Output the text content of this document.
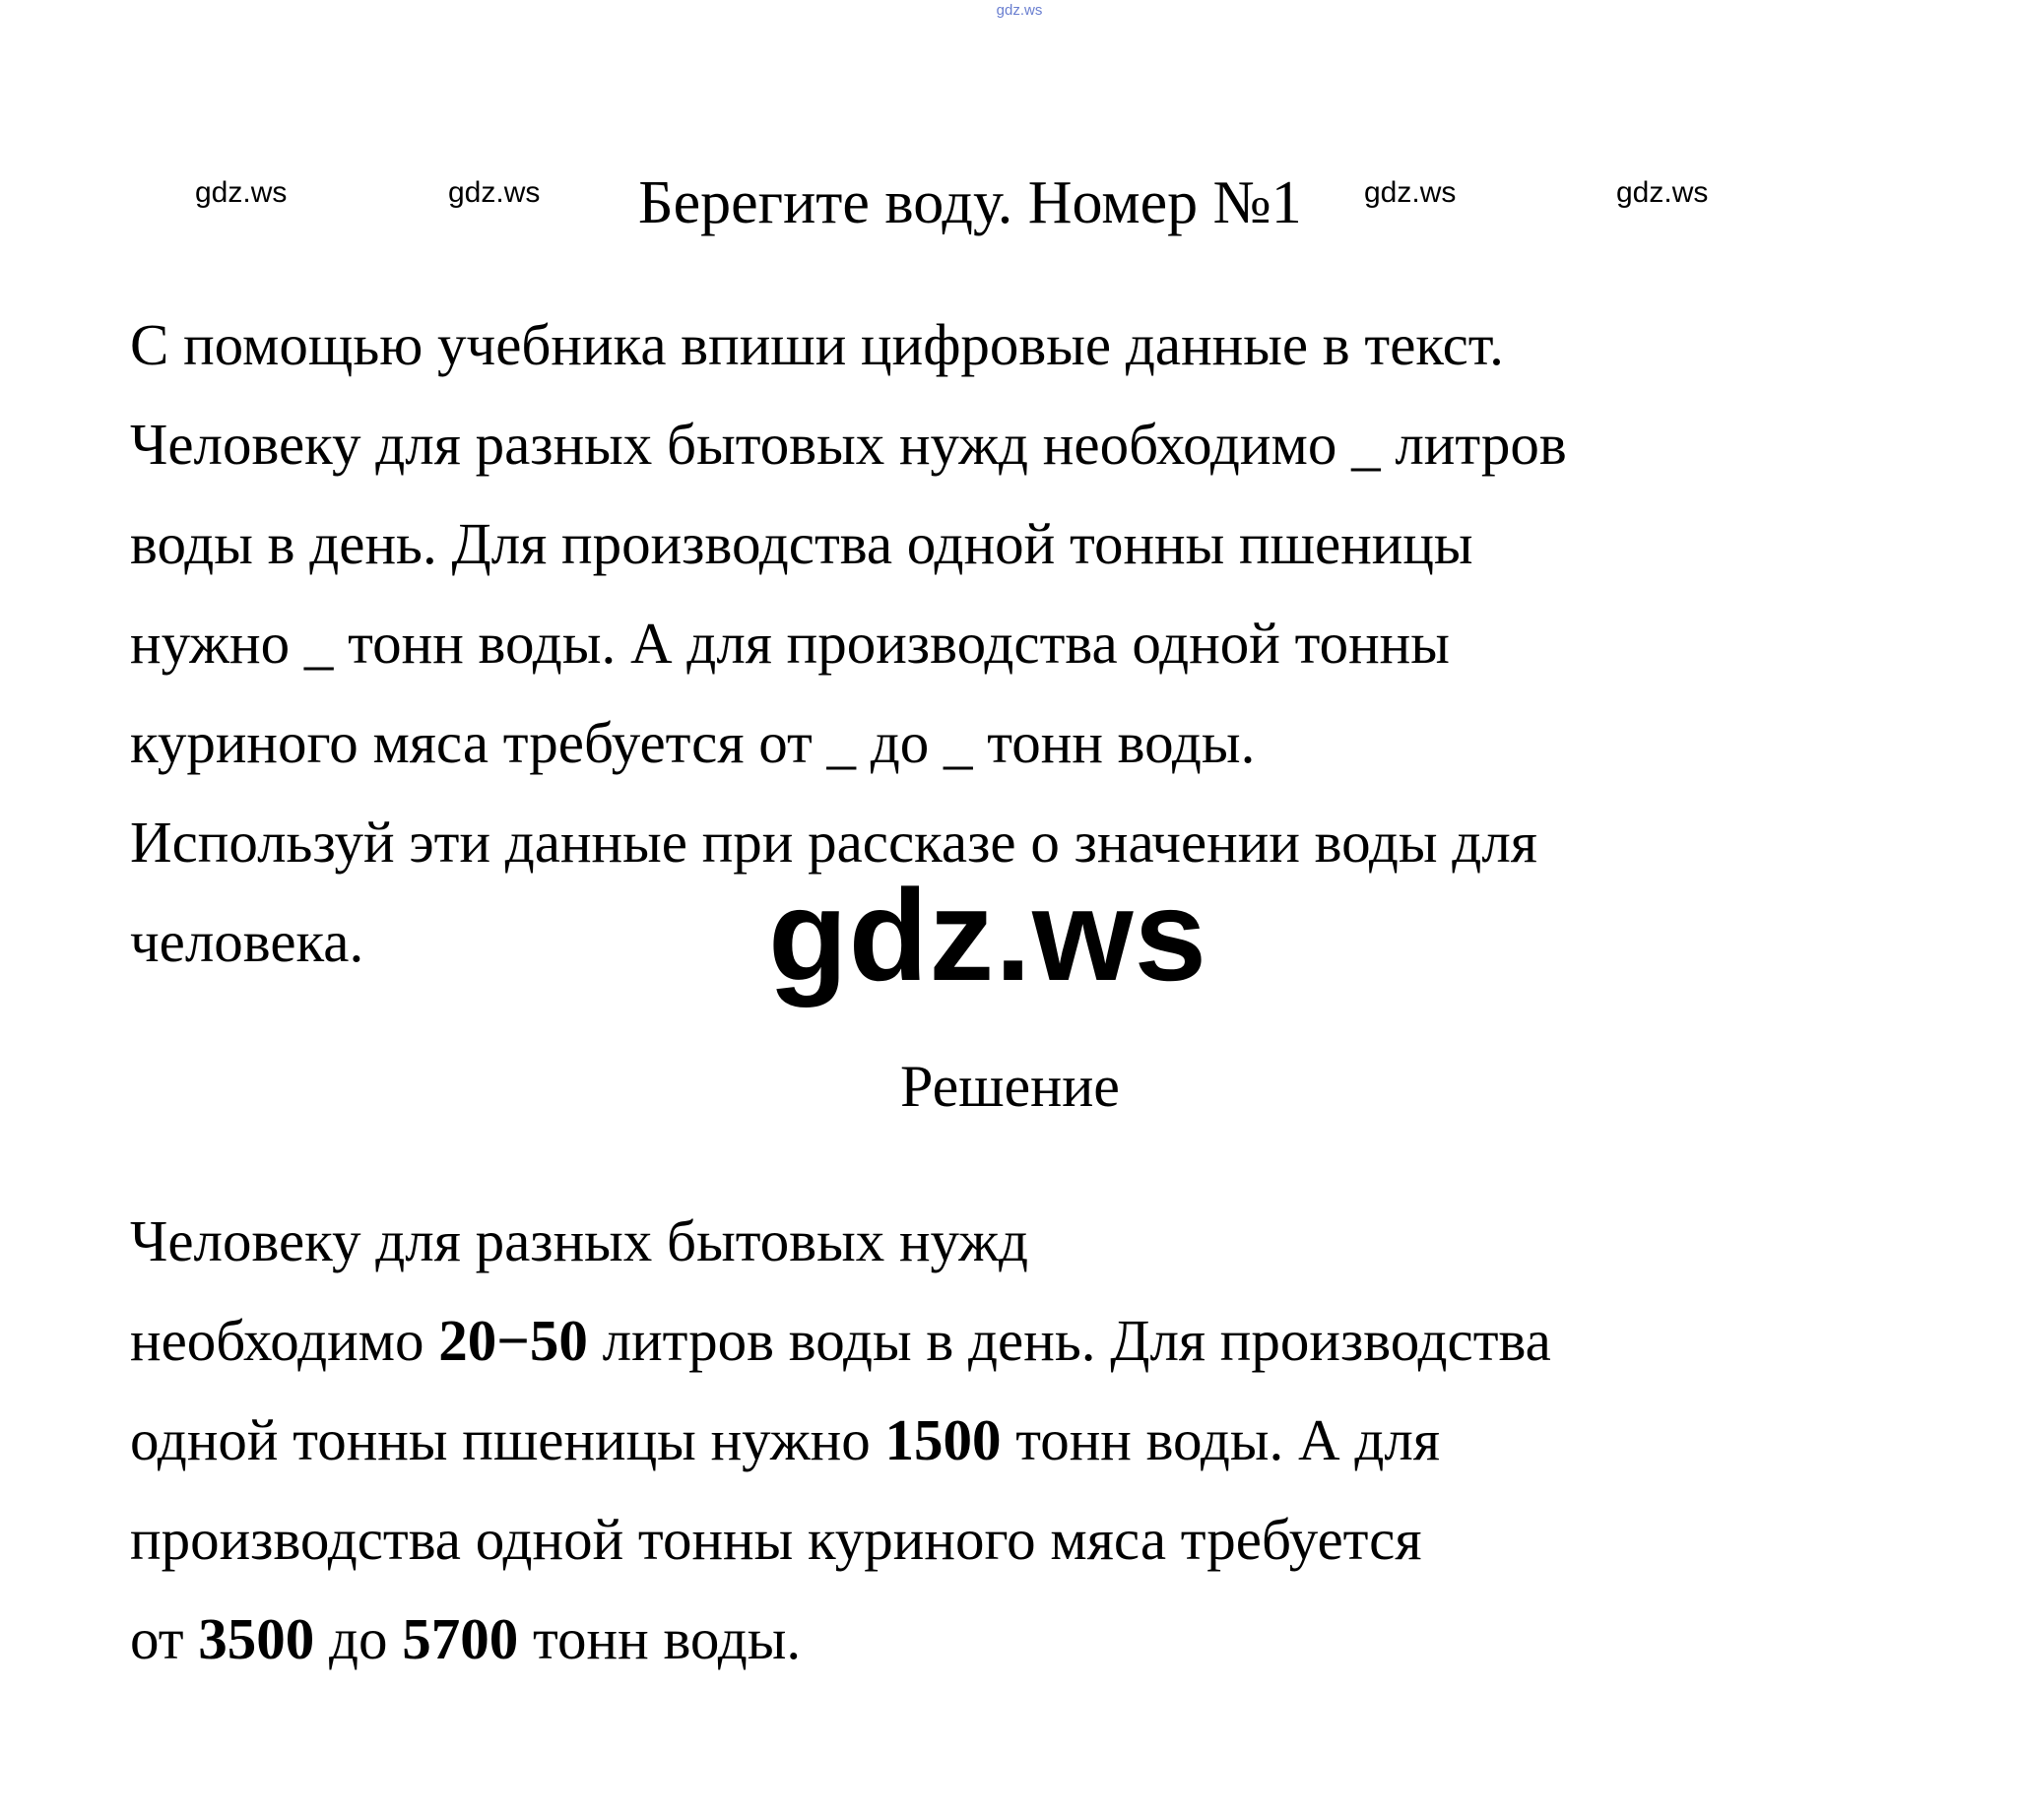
gdz.ws
gdz.ws	gdz.ws	gdz.ws	gdz.ws
Берегите воду. Номер №1
С помощью учебника впиши цифровые данные в текст.
Человеку для разных бытовых нужд необходимо _ литров
воды в день. Для производства одной тонны пшеницы
нужно _ тонн воды. А для производства одной тонны
куриного мяса требуется от _ до _ тонн воды.
Используй эти данные при рассказе о значении воды для
человека.	gdz.ws
Решение
Человеку для разных бытовых нужд
необходимо 20−50 литров воды в день. Для производства
одной тонны пшеницы нужно 1500 тонн воды. А для
производства одной тонны куриного мяса требуется
от 3500 до 5700 тонн воды.
